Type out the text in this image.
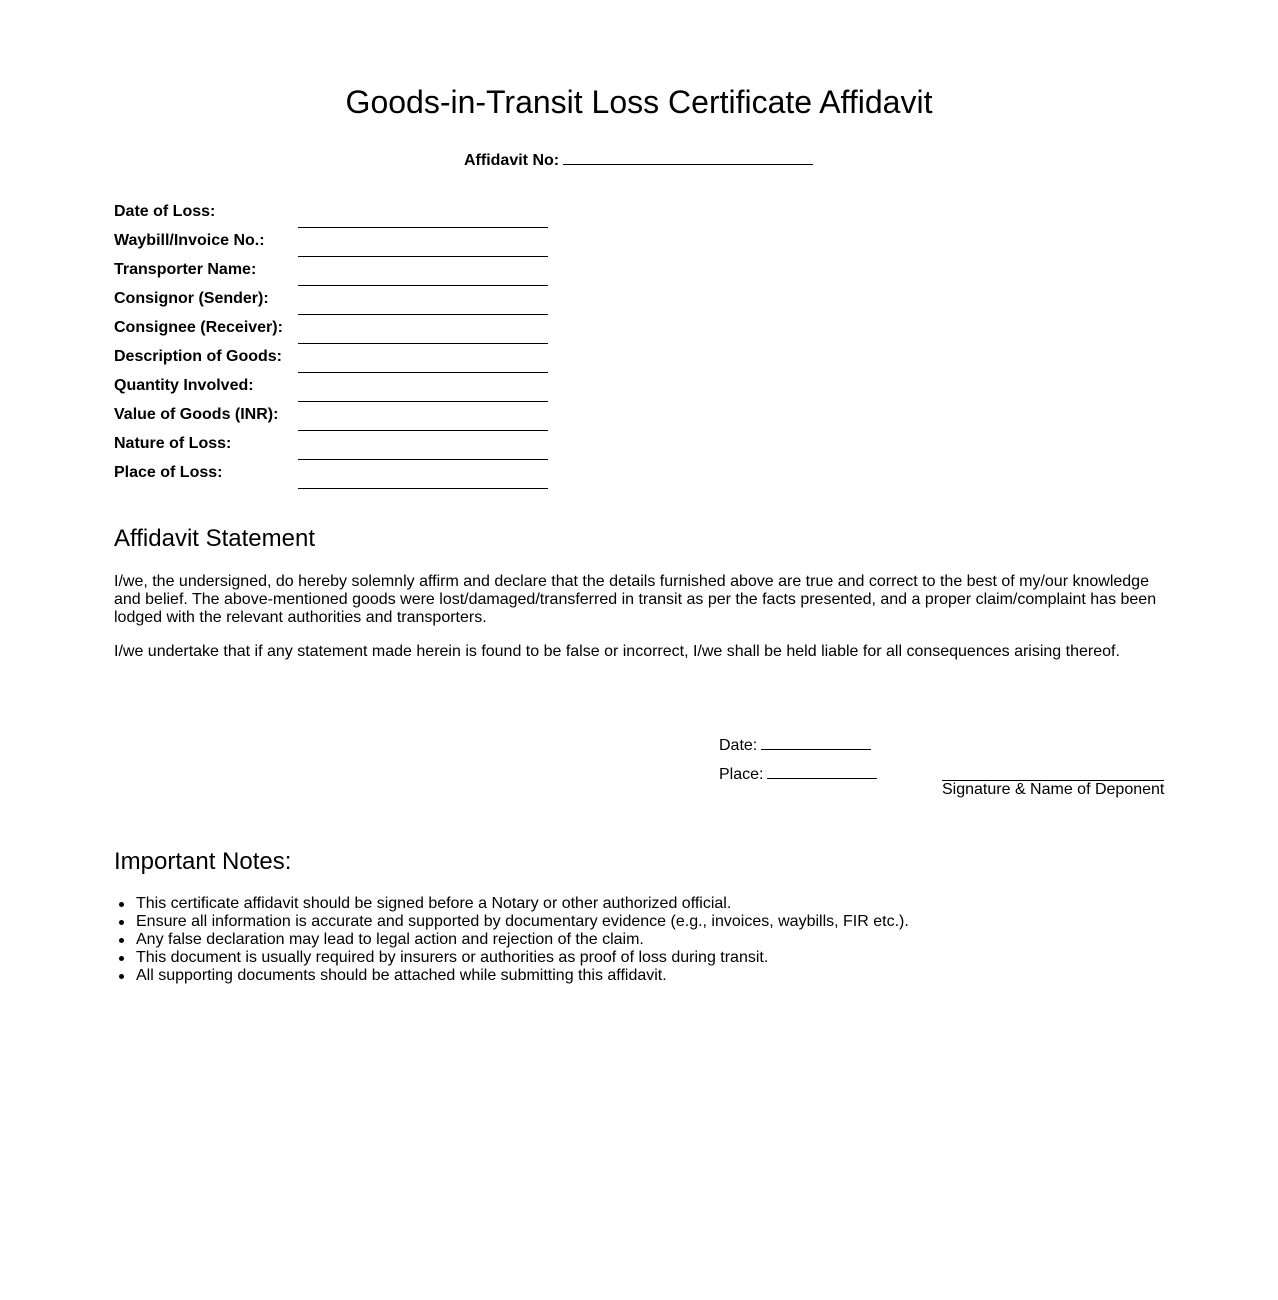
Goods-in-Transit Loss Certificate Affidavit
Affidavit No:
Date of Loss:
Waybill/Invoice No.:
Transporter Name:
Consignor (Sender):
Consignee (Receiver):
Description of Goods:
Quantity Involved:
Value of Goods (INR):
Nature of Loss:
Place of Loss:
Affidavit Statement

I/we, the undersigned, do hereby solemnly affirm and declare that the details furnished above are true and correct to the best of my/our knowledge and belief. The above-mentioned goods were lost/damaged/transferred in transit as per the facts presented, and a proper claim/complaint has been lodged with the relevant authorities and transporters.

I/we undertake that if any statement made herein is found to be false or incorrect, I/we shall be held liable for all consequences arising thereof.

Date:
Place:
Signature & Name of Deponent
Important Notes:
This certificate affidavit should be signed before a Notary or other authorized official.
Ensure all information is accurate and supported by documentary evidence (e.g., invoices, waybills, FIR etc.).
Any false declaration may lead to legal action and rejection of the claim.
This document is usually required by insurers or authorities as proof of loss during transit.
All supporting documents should be attached while submitting this affidavit.
